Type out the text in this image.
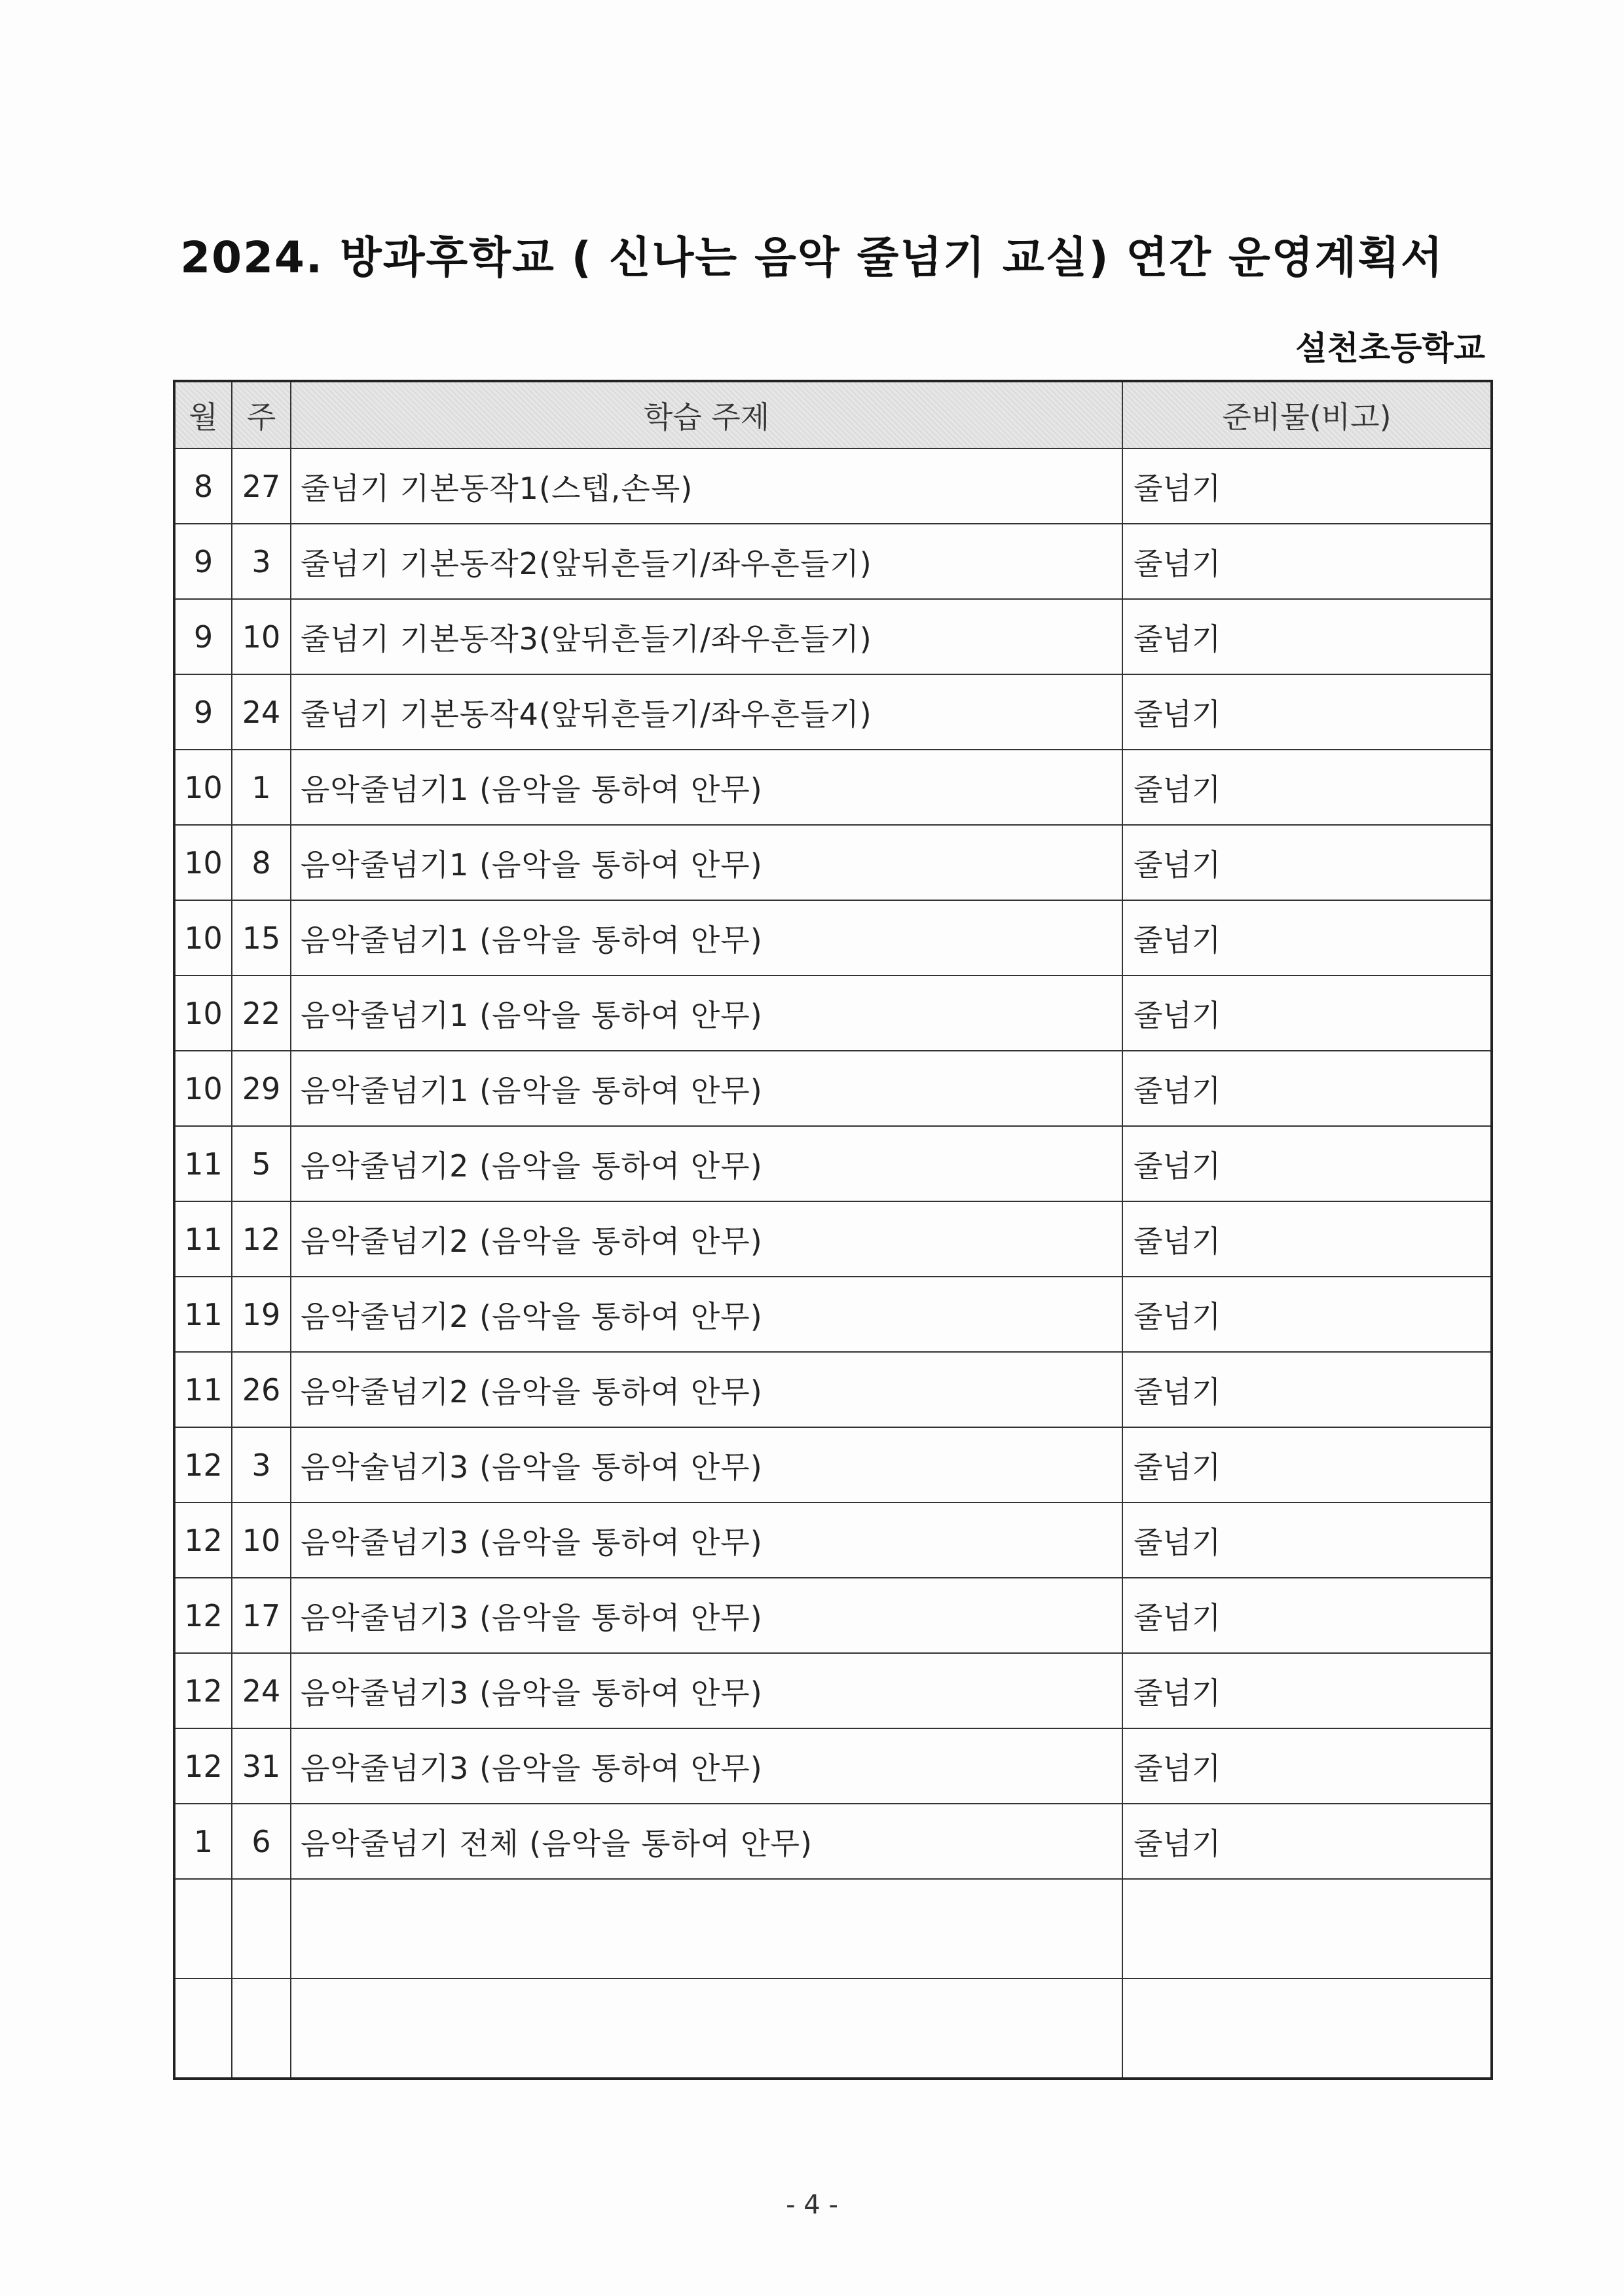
2024. 방과후학교 ( 신나는 음악 줄넘기 교실) 연간 운영계획서
설천초등학교
월	주	학습 주제	준비물(비고)
8	27	줄넘기 기본동작1(스텝,손목)	줄넘기
9	3	줄넘기 기본동작2(앞뒤흔들기/좌우흔들기)	줄넘기
9	10	줄넘기 기본동작3(앞뒤흔들기/좌우흔들기)	줄넘기
9	24	줄넘기 기본동작4(앞뒤흔들기/좌우흔들기)	줄넘기
10	1	음악줄넘기1 (음악을 통하여 안무)	줄넘기
10	8	음악줄넘기1 (음악을 통하여 안무)	줄넘기
10	15	음악줄넘기1 (음악을 통하여 안무)	줄넘기
10	22	음악줄넘기1 (음악을 통하여 안무)	줄넘기
10	29	음악줄넘기1 (음악을 통하여 안무)	줄넘기
11	5	음악줄넘기2 (음악을 통하여 안무)	줄넘기
11	12	음악줄넘기2 (음악을 통하여 안무)	줄넘기
11	19	음악줄넘기2 (음악을 통하여 안무)	줄넘기
11	26	음악줄넘기2 (음악을 통하여 안무)	줄넘기
12	3	음악술넘기3 (음악을 통하여 안무)	줄넘기
12	10	음악줄넘기3 (음악을 통하여 안무)	줄넘기
12	17	음악줄넘기3 (음악을 통하여 안무)	줄넘기
12	24	음악줄넘기3 (음악을 통하여 안무)	줄넘기
12	31	음악줄넘기3 (음악을 통하여 안무)	줄넘기
1	6	음악줄넘기 전체 (음악을 통하여 안무)	줄넘기

- 4 -
